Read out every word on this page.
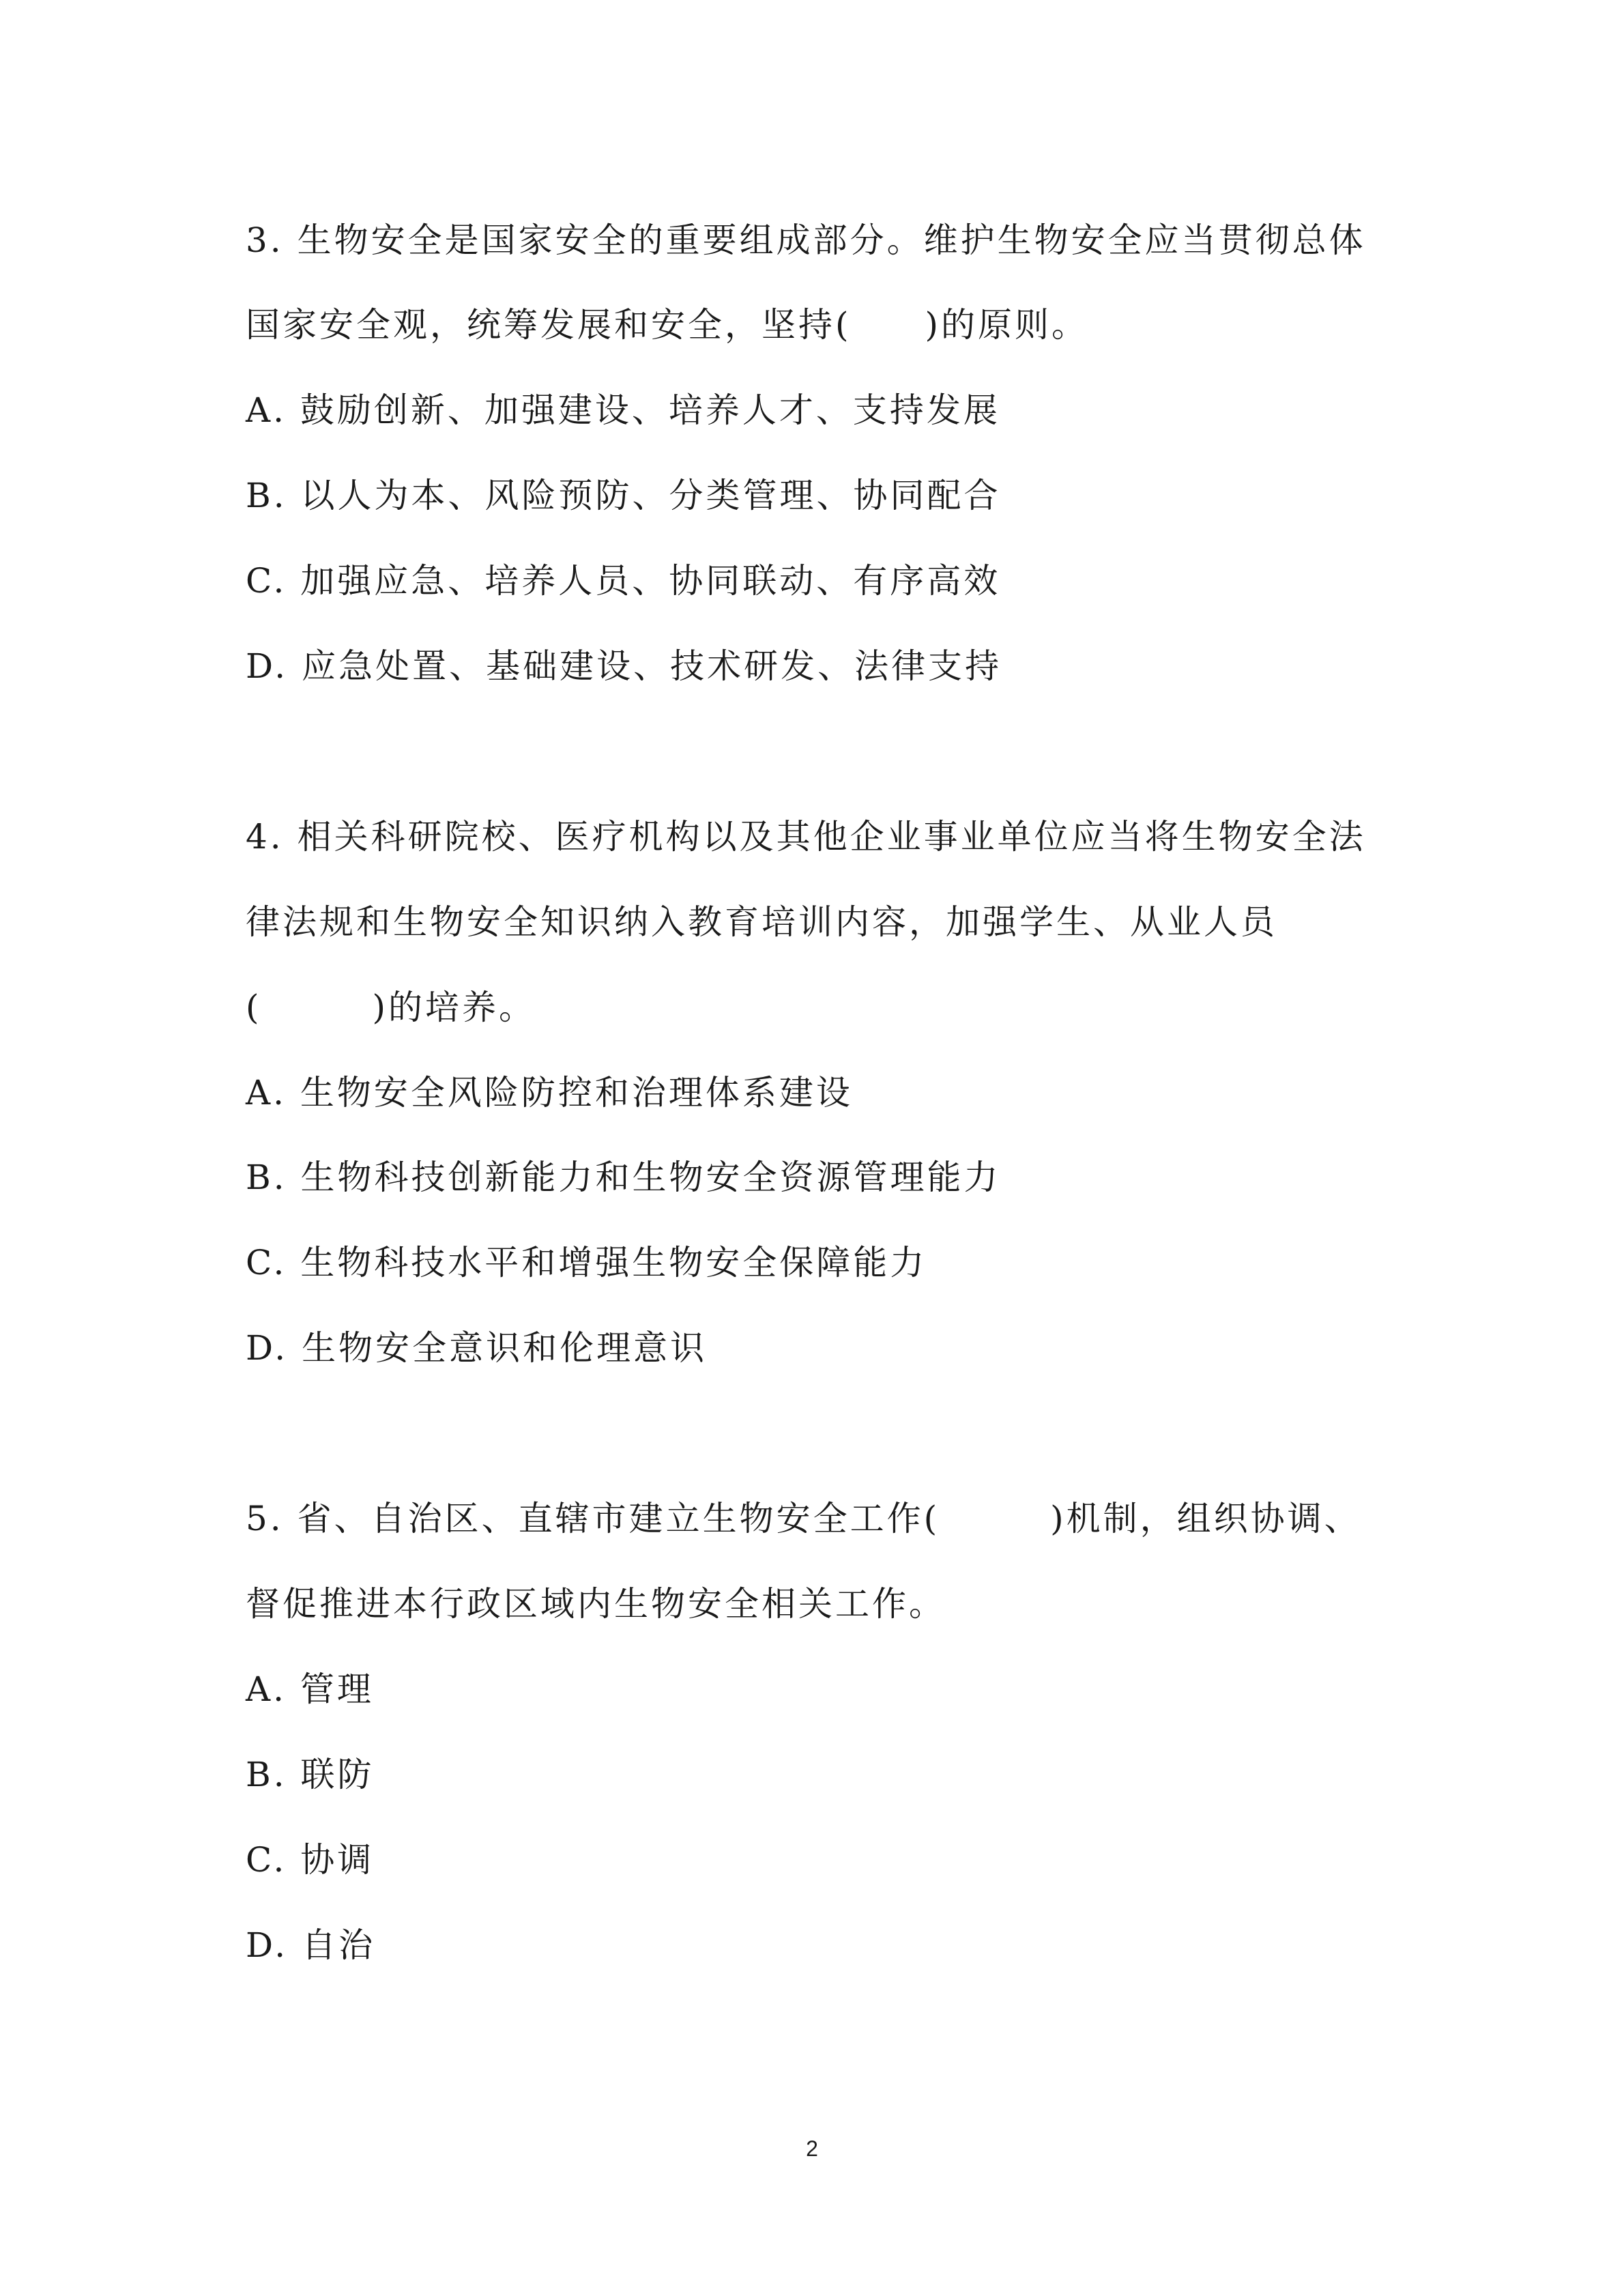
3. 生物安全是国家安全的重要组成部分。维护生物安全应当贯彻总体
国家安全观，统筹发展和安全，坚持(　　)的原则。
A. 鼓励创新、加强建设、培养人才、支持发展
B. 以人为本、风险预防、分类管理、协同配合
C. 加强应急、培养人员、协同联动、有序高效
D. 应急处置、基础建设、技术研发、法律支持
4. 相关科研院校、医疗机构以及其他企业事业单位应当将生物安全法
律法规和生物安全知识纳入教育培训内容，加强学生、从业人员
(　　　)的培养。
A. 生物安全风险防控和治理体系建设
B. 生物科技创新能力和生物安全资源管理能力
C. 生物科技水平和增强生物安全保障能力
D. 生物安全意识和伦理意识
5. 省、自治区、直辖市建立生物安全工作(　　　)机制，组织协调、
督促推进本行政区域内生物安全相关工作。
A. 管理
B. 联防
C. 协调
D. 自治
2
